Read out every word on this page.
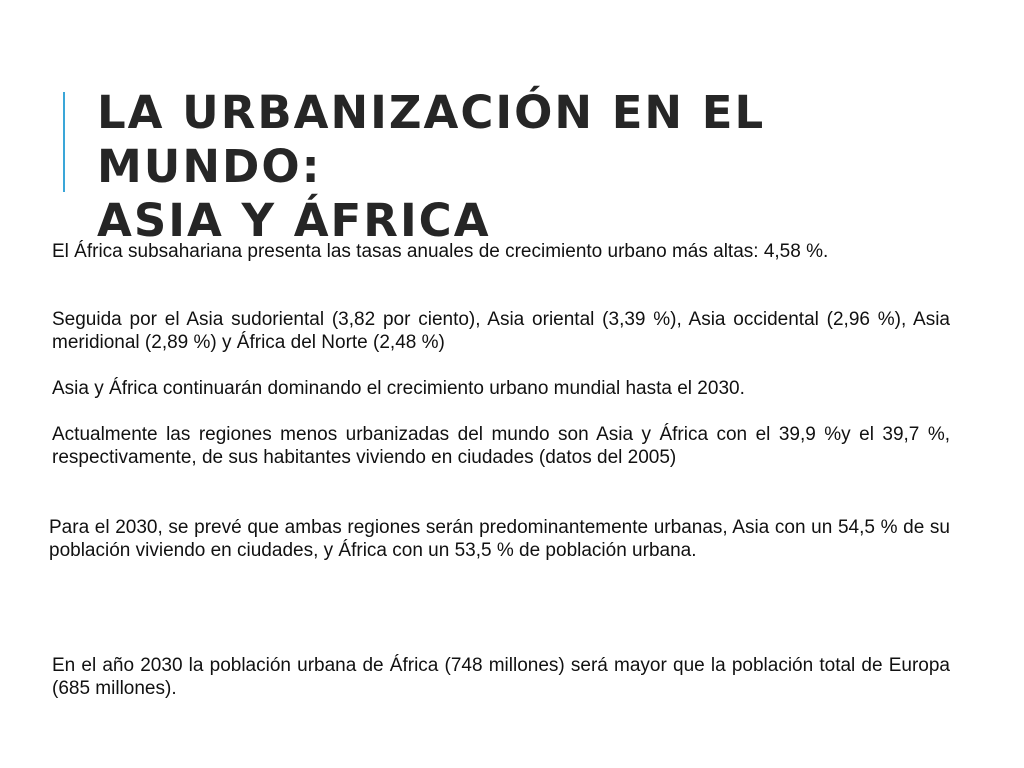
LA URBANIZACIÓN EN EL MUNDO:
ASIA Y ÁFRICA

El África subsahariana presenta las tasas anuales de crecimiento urbano más altas: 4,58 %.

Seguida por el Asia sudoriental (3,82 por ciento), Asia oriental (3,39 %), Asia occidental (2,96 %), Asia meridional (2,89 %) y África del Norte (2,48 %)

Asia y África continuarán dominando el crecimiento urbano mundial hasta el 2030.

Actualmente las regiones menos urbanizadas del mundo son Asia y África con el 39,9 %y el 39,7 %, respectivamente, de sus habitantes viviendo en ciudades (datos del 2005)

Para el 2030, se prevé que ambas regiones serán predominantemente urbanas, Asia con un 54,5 % de su población viviendo en ciudades, y África con un 53,5 % de población urbana.

En el año 2030 la población urbana de África (748 millones) será mayor que la población total de Europa (685 millones).
